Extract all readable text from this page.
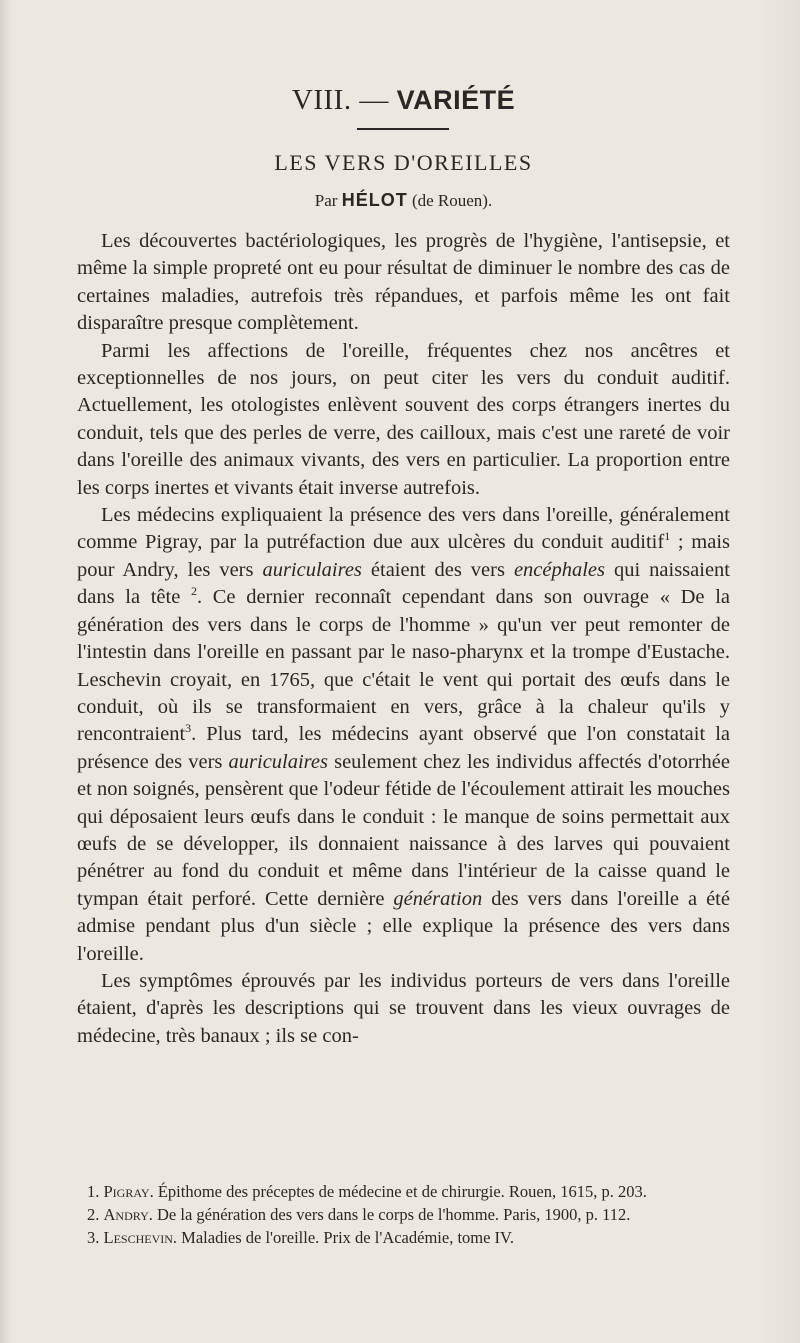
VIII. — VARIÉTÉ
LES VERS D'OREILLES
Par HÉLOT (de Rouen).

Les découvertes bactériologiques, les progrès de l'hygiène, l'antisepsie, et même la simple propreté ont eu pour résultat de diminuer le nombre des cas de certaines maladies, autrefois très répandues, et parfois même les ont fait disparaître presque complètement.

Parmi les affections de l'oreille, fréquentes chez nos ancêtres et exceptionnelles de nos jours, on peut citer les vers du conduit auditif. Actuellement, les otologistes enlèvent souvent des corps étrangers inertes du conduit, tels que des perles de verre, des cailloux, mais c'est une rareté de voir dans l'oreille des animaux vivants, des vers en particulier. La proportion entre les corps inertes et vivants était inverse autrefois.

Les médecins expliquaient la présence des vers dans l'oreille, généralement comme Pigray, par la putréfaction due aux ulcères du conduit auditif$^1$ ; mais pour Andry, les vers auriculaires étaient des vers encéphales qui naissaient dans la tête $^2$. Ce dernier reconnaît cependant dans son ouvrage « De la génération des vers dans le corps de l'homme » qu'un ver peut remonter de l'intestin dans l'oreille en passant par le naso-pharynx et la trompe d'Eustache. Leschevin croyait, en 1765, que c'était le vent qui portait des œufs dans le conduit, où ils se transformaient en vers, grâce à la chaleur qu'ils y rencontraient$^3$. Plus tard, les médecins ayant observé que l'on constatait la présence des vers auriculaires seulement chez les individus affectés d'otorrhée et non soignés, pensèrent que l'odeur fétide de l'écoulement attirait les mouches qui déposaient leurs œufs dans le conduit : le manque de soins permettait aux œufs de se développer, ils donnaient naissance à des larves qui pouvaient pénétrer au fond du conduit et même dans l'intérieur de la caisse quand le tympan était perforé. Cette dernière génération des vers dans l'oreille a été admise pendant plus d'un siècle ; elle explique la présence des vers dans l'oreille.

Les symptômes éprouvés par les individus porteurs de vers dans l'oreille étaient, d'après les descriptions qui se trouvent dans les vieux ouvrages de médecine, très banaux ; ils se con-

1. Pigray. Épithome des préceptes de médecine et de chirurgie. Rouen, 1615, p. 203.

2. Andry. De la génération des vers dans le corps de l'homme. Paris, 1900, p. 112.

3. Leschevin. Maladies de l'oreille. Prix de l'Académie, tome IV.
